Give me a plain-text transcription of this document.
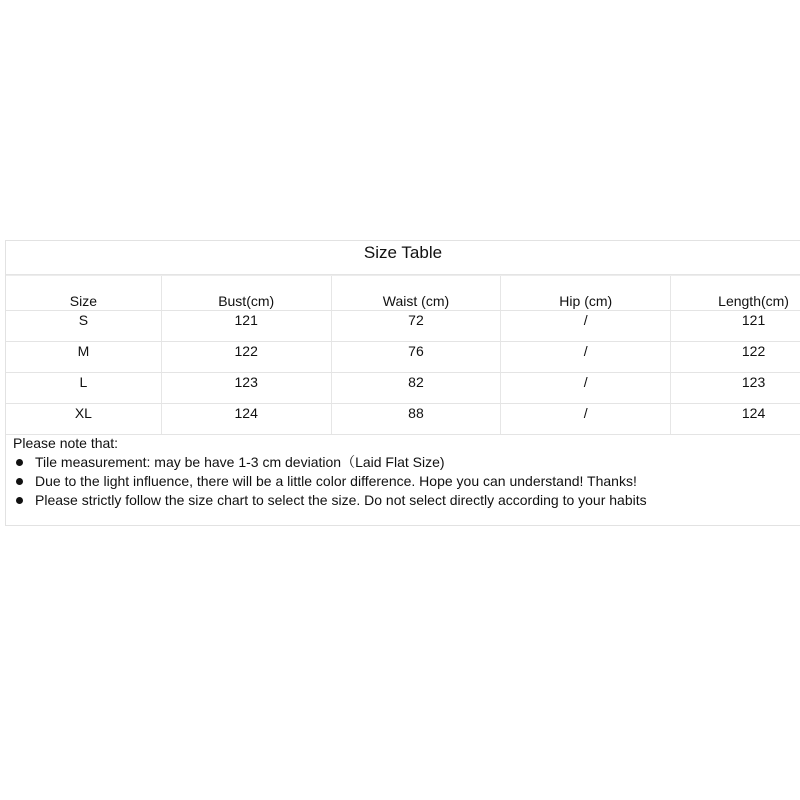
Size Table
Size	Bust(cm)	Waist (cm)	Hip (cm)	Length(cm)
S	121	72	/	121
M	122	76	/	122
L	123	82	/	123
XL	124	88	/	124
Please note that:
Tile measurement: may be have 1-3 cm deviation（Laid Flat Size)
Due to the light influence, there will be a little color difference. Hope you can understand! Thanks!
Please strictly follow the size chart to select the size. Do not select directly according to your habits
